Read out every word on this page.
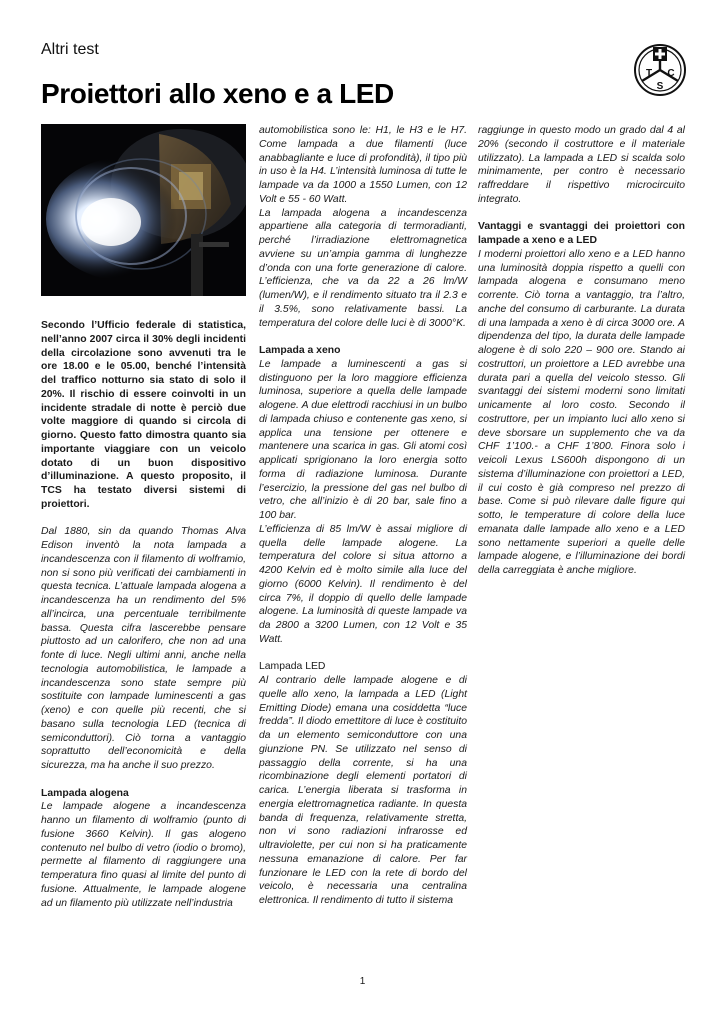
Altri test
Proiettori allo xeno e a LED
T C
S

Secondo l’Ufficio federale di statistica, nell’anno 2007 circa il 30% degli incidenti della circolazione sono avvenuti tra le ore 18.00 e le 05.00, benché l’intensità del traffico notturno sia stato di solo il 20%. Il rischio di essere coinvolti in un incidente stradale di notte è perciò due volte maggiore di quando si circola di giorno. Questo fatto dimostra quanto sia importante viaggiare con un veicolo dotato di un buon dispositivo d’illuminazione. A questo proposito, il TCS ha testato diversi sistemi di proiettori.

Dal 1880, sin da quando Thomas Alva Edison inventò la nota lampada a incandescenza con il filamento di wolframio, non si sono più verificati dei cambiamenti in questa tecnica. L’attuale lampada alogena a incandescenza ha un rendimento del 5% all’incirca, una percentuale terribilmente bassa. Questa cifra lascerebbe pensare piuttosto ad un calorifero, che non ad una fonte di luce. Negli ultimi anni, anche nella tecnologia automobilistica, le lampade a incandescenza sono state sempre più sostituite con lampade luminescenti a gas (xeno) e con quelle più recenti, che si basano sulla tecnologia LED (tecnica di semiconduttori). Ciò torna a vantaggio soprattutto dell’economicità e della sicurezza, ma ha anche il suo prezzo.

Lampada alogena

Le lampade alogene a incandescenza hanno un filamento di wolframio (punto di fusione 3660 Kelvin). Il gas alogeno contenuto nel bulbo di vetro (iodio o bromo), permette al filamento di raggiungere una temperatura fino quasi al limite del punto di fusione. Attualmente, le lampade alogene ad un filamento più utilizzate nell’industria

automobilistica sono le: H1, le H3 e le H7. Come lampada a due filamenti (luce anabbagliante e luce di profondità), il tipo più in uso è la H4. L’intensità luminosa di tutte le lampade va da 1000 a 1550 Lumen, con 12 Volt e 55 - 60 Watt.

La lampada alogena a incandescenza appartiene alla categoria di termoradianti, perché l’irradiazione elettromagnetica avviene su un’ampia gamma di lunghezze d’onda con una forte generazione di calore. L’efficienza, che va da 22 a 26 lm/W (lumen/W), e il rendimento situato tra il 2.3 e il 3.5%, sono relativamente bassi. La temperatura del colore delle luci è di 3000°K.

Lampada a xeno

Le lampade a luminescenti a gas si distinguono per la loro maggiore efficienza luminosa, superiore a quella delle lampade alogene. A due elettrodi racchiusi in un bulbo di lampada chiuso e contenente gas xeno, si applica una tensione per ottenere e mantenere una scarica in gas. Gli atomi così applicati sprigionano la loro energia sotto forma di radiazione luminosa. Durante l’esercizio, la pressione del gas nel bulbo di vetro, che all’inizio è di 20 bar, sale fino a 100 bar.

L’efficienza di 85 lm/W è assai migliore di quella delle lampade alogene. La temperatura del colore si situa attorno a 4200 Kelvin ed è molto simile alla luce del giorno (6000 Kelvin). Il rendimento è del circa 7%, il doppio di quello delle lampade alogene. La luminosità di queste lampade va da 2800 a 3200 Lumen, con 12 Volt e 35 Watt.

Lampada LED

Al contrario delle lampade alogene e di quelle allo xeno, la lampada a LED (Light Emitting Diode) emana una cosiddetta “luce fredda”. Il diodo emettitore di luce è costituito da un elemento semiconduttore con una giunzione PN. Se utilizzato nel senso di passaggio della corrente, si ha una ricombinazione degli elementi portatori di carica. L’energia liberata si trasforma in energia elettromagnetica radiante. In questa banda di frequenza, relativamente stretta, non vi sono radiazioni infrarosse ed ultraviolette, per cui non si ha praticamente nessuna emanazione di calore. Per far funzionare le LED con la rete di bordo del veicolo, è necessaria una centralina elettronica. Il rendimento di tutto il sistema

raggiunge in questo modo un grado dal 4 al 20% (secondo il costruttore e il materiale utilizzato). La lampada a LED si scalda solo minimamente, per contro è necessario raffreddare il rispettivo microcircuito integrato.

Vantaggi e svantaggi dei proiettori con lampade a xeno e a LED

I moderni proiettori allo xeno e a LED hanno una luminosità doppia rispetto a quelli con lampada alogena e consumano meno corrente. Ciò torna a vantaggio, tra l’altro, anche del consumo di carburante. La durata di una lampada a xeno è di circa 3000 ore. A dipendenza del tipo, la durata delle lampade alogene è di solo 220 – 900 ore. Stando ai costruttori, un proiettore a LED avrebbe una durata pari a quella del veicolo stesso. Gli svantaggi dei sistemi moderni sono limitati unicamente al loro costo. Secondo il costruttore, per un impianto luci allo xeno si deve sborsare un supplemento che va da CHF 1’100.- a CHF 1’800. Finora solo i veicoli Lexus LS600h dispongono di un sistema d’illuminazione con proiettori a LED, il cui costo è già compreso nel prezzo di base. Come si può rilevare dalle figure qui sotto, le temperature di colore della luce emanata dalle lampade allo xeno e a LED sono nettamente superiori a quelle delle lampade alogene, e l’illuminazione dei bordi della carreggiata è anche migliore.

1
